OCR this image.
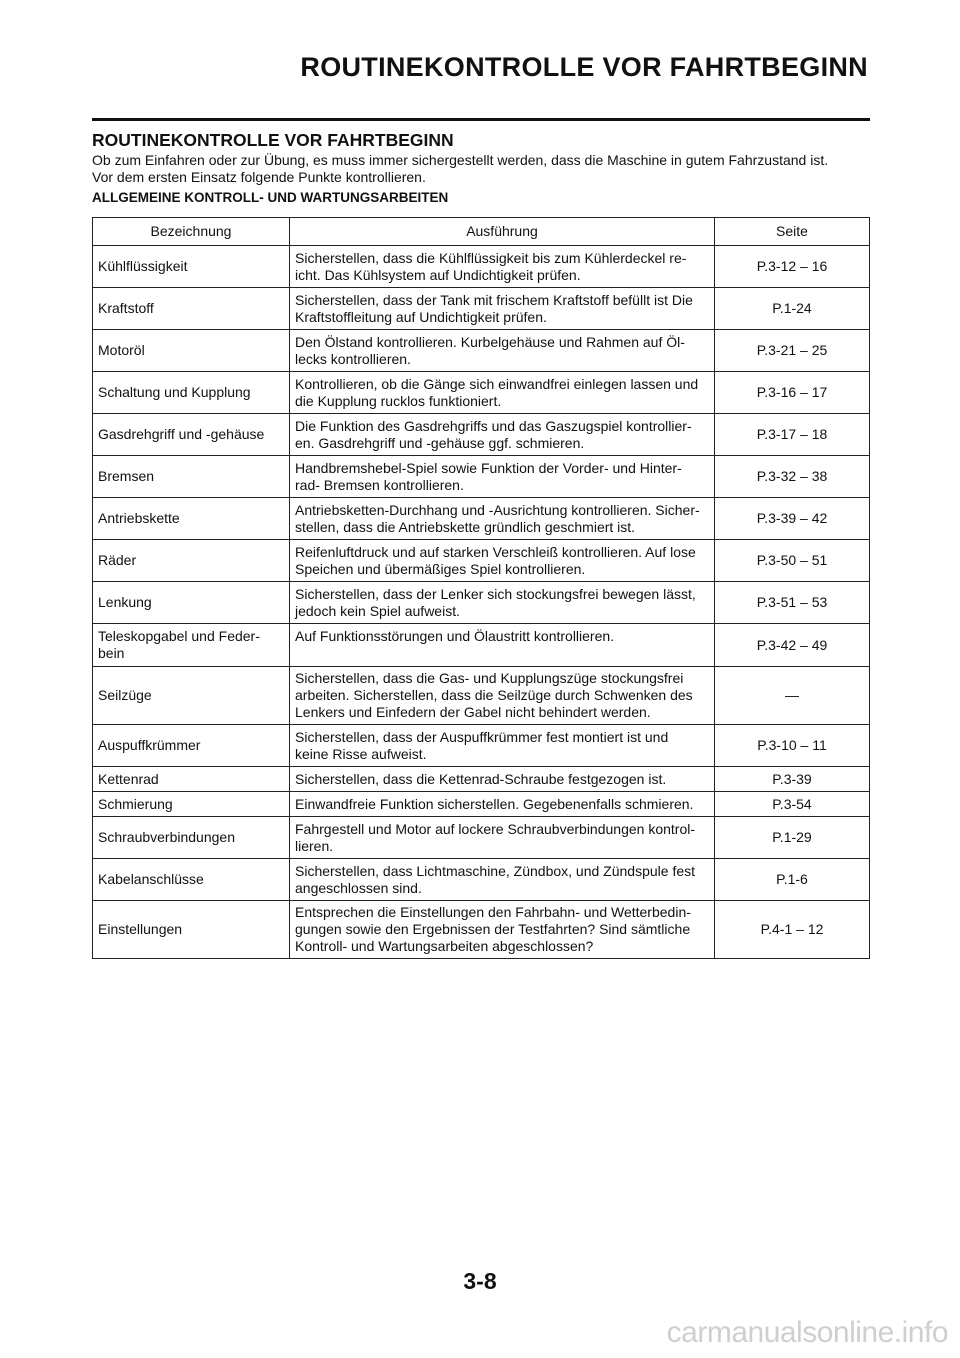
ROUTINEKONTROLLE VOR FAHRTBEGINN
ROUTINEKONTROLLE VOR FAHRTBEGINN
Ob zum Einfahren oder zur Übung, es muss immer sichergestellt werden, dass die Maschine in gutem Fahrzustand ist.
Vor dem ersten Einsatz folgende Punkte kontrollieren.
ALLGEMEINE KONTROLL- UND WARTUNGSARBEITEN
Bezeichnung	Ausführung	Seite
Kühlflüssigkeit	Sicherstellen, dass die Kühlflüssigkeit bis zum Kühlerdeckel re-
icht. Das Kühlsystem auf Undichtigkeit prüfen.	P.3-12 – 16
Kraftstoff	Sicherstellen, dass der Tank mit frischem Kraftstoff befüllt ist Die
Kraftstoffleitung auf Undichtigkeit prüfen.	P.1-24
Motoröl	Den Ölstand kontrollieren. Kurbelgehäuse und Rahmen auf Öl-
lecks kontrollieren.	P.3-21 – 25
Schaltung und Kupplung	Kontrollieren, ob die Gänge sich einwandfrei einlegen lassen und
die Kupplung rucklos funktioniert.	P.3-16 – 17
Gasdrehgriff und -gehäuse	Die Funktion des Gasdrehgriffs und das Gaszugspiel kontrollier-
en. Gasdrehgriff und -gehäuse ggf. schmieren.	P.3-17 – 18
Bremsen	Handbremshebel-Spiel sowie Funktion der Vorder- und Hinter-
rad- Bremsen kontrollieren.	P.3-32 – 38
Antriebskette	Antriebsketten-Durchhang und -Ausrichtung kontrollieren. Sicher-
stellen, dass die Antriebskette gründlich geschmiert ist.	P.3-39 – 42
Räder	Reifenluftdruck und auf starken Verschleiß kontrollieren. Auf lose
Speichen und übermäßiges Spiel kontrollieren.	P.3-50 – 51
Lenkung	Sicherstellen, dass der Lenker sich stockungsfrei bewegen lässt,
jedoch kein Spiel aufweist.	P.3-51 – 53

Teleskopgabel und Feder-
bein	Auf Funktionsstörungen und Ölaustritt kontrollieren.	P.3-42 – 49
Seilzüge	Sicherstellen, dass die Gas- und Kupplungszüge stockungsfrei
arbeiten. Sicherstellen, dass die Seilzüge durch Schwenken des
Lenkers und Einfedern der Gabel nicht behindert werden.	—
Auspuffkrümmer	Sicherstellen, dass der Auspuffkrümmer fest montiert ist und
keine Risse aufweist.	P.3-10 – 11
Kettenrad	Sicherstellen, dass die Kettenrad-Schraube festgezogen ist.	P.3-39
Schmierung	Einwandfreie Funktion sicherstellen. Gegebenenfalls schmieren.	P.3-54
Schraubverbindungen	Fahrgestell und Motor auf lockere Schraubverbindungen kontrol-
lieren.	P.1-29
Kabelanschlüsse	Sicherstellen, dass Lichtmaschine, Zündbox, und Zündspule fest
angeschlossen sind.	P.1-6
Einstellungen	Entsprechen die Einstellungen den Fahrbahn- und Wetterbedin-
gungen sowie den Ergebnissen der Testfahrten? Sind sämtliche
Kontroll- und Wartungsarbeiten abgeschlossen?	P.4-1 – 12
3-8
carmanualsonline.info
